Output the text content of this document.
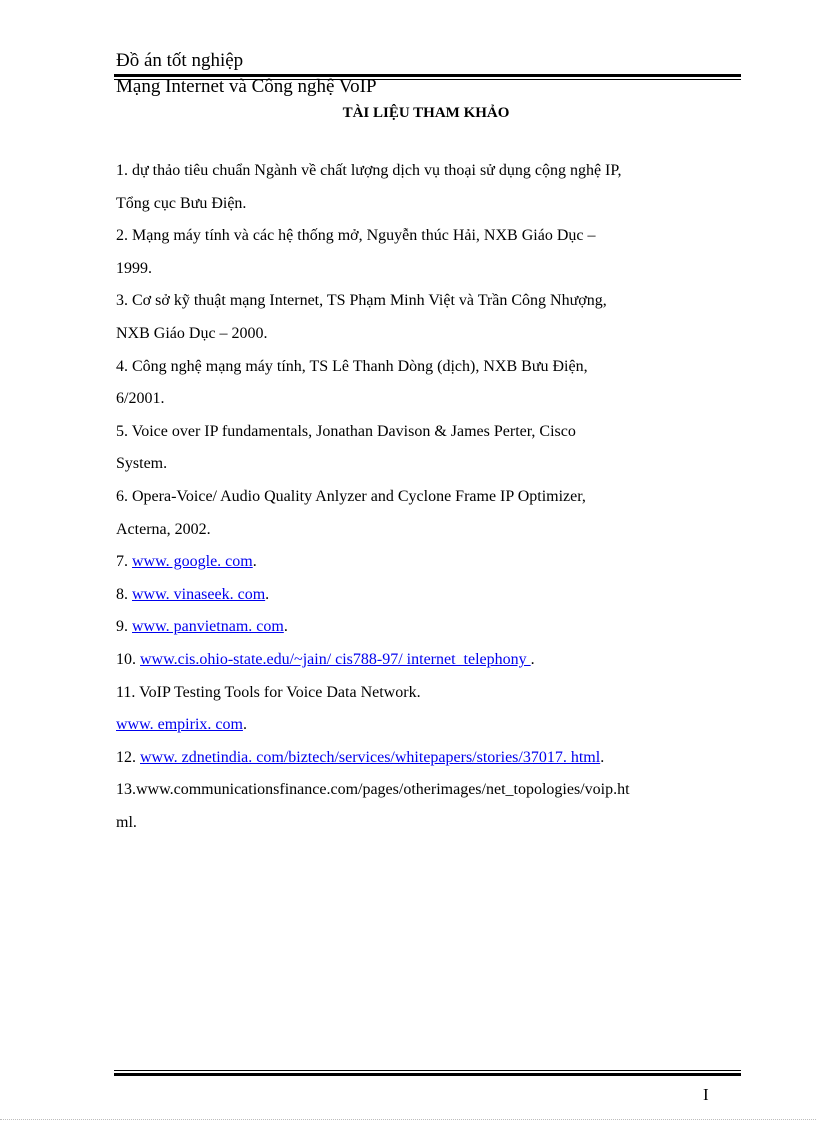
Đồ án tốt nghiệp
Mạng Internet và Công nghệ VoIP
TÀI LIỆU THAM KHẢO
1. dự thảo tiêu chuẩn Ngành về chất lượng dịch vụ thoại sử dụng cộng nghệ IP,
Tổng cục Bưu Điện.
2. Mạng máy tính và các hệ thống mở, Nguyễn thúc Hải, NXB Giáo Dục –
1999.
3. Cơ sở kỹ thuật mạng Internet, TS Phạm Minh Việt và Trần Công Nhượng,
NXB Giáo Dục – 2000.
4. Công nghệ mạng máy tính, TS Lê Thanh Dòng (dịch), NXB Bưu Điện,
6/2001.
5. Voice over IP fundamentals, Jonathan Davison & James Perter, Cisco
System.
6. Opera-Voice/ Audio Quality Anlyzer and Cyclone Frame IP Optimizer,
Acterna, 2002.
7. www. google. com.
8. www. vinaseek. com.
9. www. panvietnam. com.
10. www.cis.ohio-state.edu/~jain/ cis788-97/ internet_telephony .
11. VoIP Testing Tools for Voice Data Network.
www. empirix. com.
12. www. zdnetindia. com/biztech/services/whitepapers/stories/37017. html.
13.www.communicationsfinance.com/pages/otherimages/net_topologies/voip.ht
ml.
I
